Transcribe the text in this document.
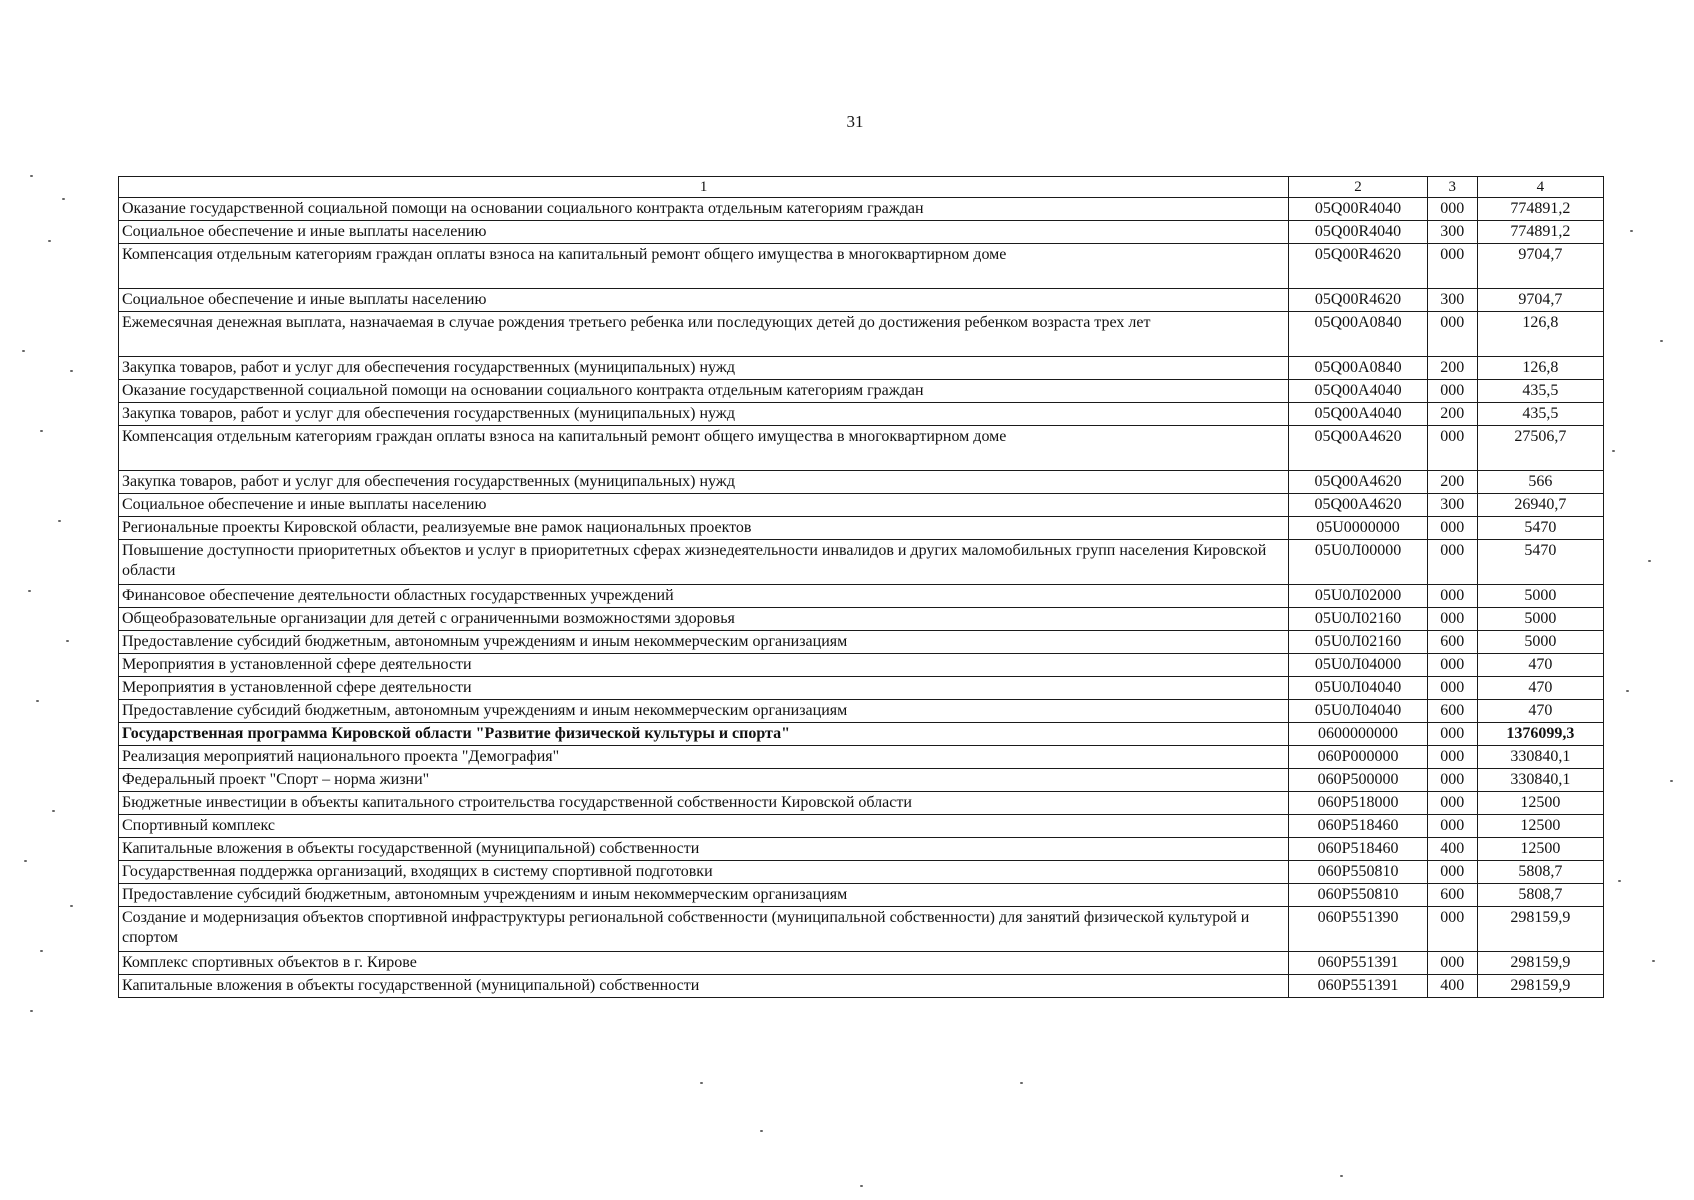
31
1	2	3	4
Оказание государственной социальной помощи на основании социального контракта отдельным категориям граждан	05Q00R4040	000	774891,2
Социальное обеспечение и иные выплаты населению	05Q00R4040	300	774891,2
Компенсация отдельным категориям граждан оплаты взноса на капитальный ремонт общего имущества в многоквартирном доме	05Q00R4620	000	9704,7
Социальное обеспечение и иные выплаты населению	05Q00R4620	300	9704,7
Ежемесячная денежная выплата, назначаемая в случае рождения третьего ребенка или последующих детей до достижения ребенком возраста трех лет	05Q00A0840	000	126,8
Закупка товаров, работ и услуг для обеспечения государственных (муниципальных) нужд	05Q00A0840	200	126,8
Оказание государственной социальной помощи на основании социального контракта отдельным категориям граждан	05Q00A4040	000	435,5
Закупка товаров, работ и услуг для обеспечения государственных (муниципальных) нужд	05Q00A4040	200	435,5
Компенсация отдельным категориям граждан оплаты взноса на капитальный ремонт общего имущества в многоквартирном доме	05Q00A4620	000	27506,7
Закупка товаров, работ и услуг для обеспечения государственных (муниципальных) нужд	05Q00A4620	200	566
Социальное обеспечение и иные выплаты населению	05Q00A4620	300	26940,7
Региональные проекты Кировской области, реализуемые вне рамок национальных проектов	05U0000000	000	5470
Повышение доступности приоритетных объектов и услуг в приоритетных сферах жизнедеятельности инвалидов и других маломобильных групп населения Кировской области	05U0Л00000	000	5470
Финансовое обеспечение деятельности областных государственных учреждений	05U0Л02000	000	5000
Общеобразовательные организации для детей с ограниченными возможностями здоровья	05U0Л02160	000	5000
Предоставление субсидий бюджетным, автономным учреждениям и иным некоммерческим организациям	05U0Л02160	600	5000
Мероприятия в установленной сфере деятельности	05U0Л04000	000	470
Мероприятия в установленной сфере деятельности	05U0Л04040	000	470
Предоставление субсидий бюджетным, автономным учреждениям и иным некоммерческим организациям	05U0Л04040	600	470
Государственная программа Кировской области "Развитие физической культуры и спорта"	0600000000	000	1376099,3
Реализация мероприятий национального проекта "Демография"	060P000000	000	330840,1
Федеральный проект "Спорт – норма жизни"	060P500000	000	330840,1
Бюджетные инвестиции в объекты капитального строительства государственной собственности Кировской области	060P518000	000	12500
Спортивный комплекс	060P518460	000	12500
Капитальные вложения в объекты государственной (муниципальной) собственности	060P518460	400	12500
Государственная поддержка организаций, входящих в систему спортивной подготовки	060P550810	000	5808,7
Предоставление субсидий бюджетным, автономным учреждениям и иным некоммерческим организациям	060P550810	600	5808,7
Создание и модернизация объектов спортивной инфраструктуры региональной собственности (муниципальной собственности) для занятий физической культурой и спортом	060P551390	000	298159,9
Комплекс спортивных объектов в г. Кирове	060P551391	000	298159,9
Капитальные вложения в объекты государственной (муниципальной) собственности	060P551391	400	298159,9
